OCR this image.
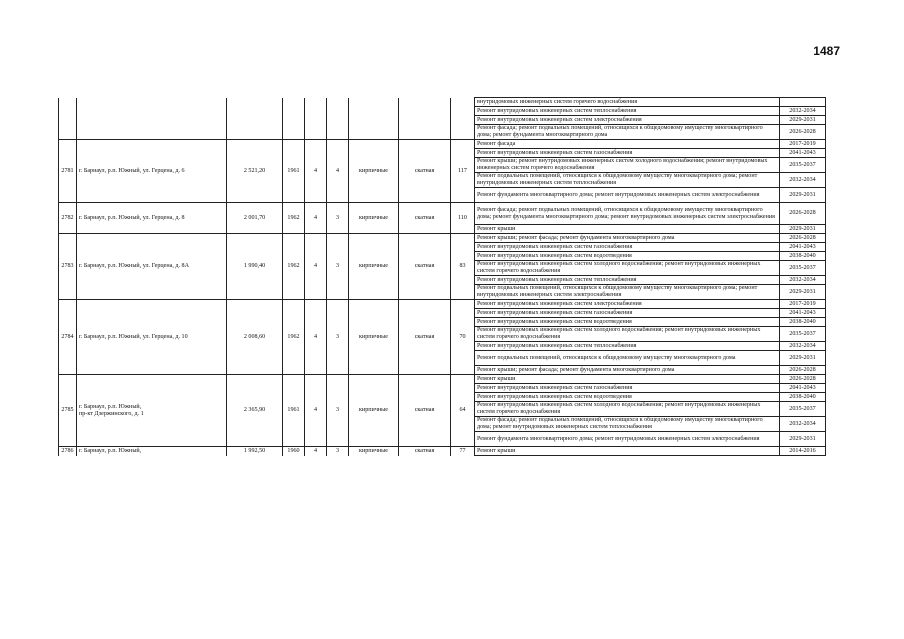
1487
									внутридомовых инженерных систем горячего водоснабжения	
									Ремонт внутридомовых инженерных систем теплоснабжения	2032-2034
									Ремонт внутридомовых инженерных систем электроснабжения	2029-2031
									Ремонт фасада; ремонт подвальных помещений, относящихся к общедомовому имуществу многоквартирного дома; ремонт фундамента многоквартирного дома	2026-2028
2781	г. Барнаул, р.п. Южный, ул. Герцена, д. 6	2 521,20	1961	4	4	кирпичные	скатная	117	Ремонт фасада	2017-2019
									Ремонт внутридомовых инженерных систем газоснабжения	2041-2043
									Ремонт крыши; ремонт внутридомовых инженерных систем холодного водоснабжения; ремонт внутридомовых инженерных систем горячего водоснабжения	2035-2037
									Ремонт подвальных помещений, относящихся к общедомовому имуществу многоквартирного дома; ремонт внутридомовых инженерных систем теплоснабжения	2032-2034
									Ремонт фундамента многоквартирного дома; ремонт внутридомовых инженерных систем электроснабжения	2029-2031
2782	г. Барнаул, р.п. Южный, ул. Герцена, д. 8	2 001,70	1962	4	3	кирпичные	скатная	110	Ремонт фасада; ремонт подвальных помещений, относящихся к общедомовому имуществу многоквартирного дома; ремонт фундамента многоквартирного дома; ремонт внутридомовых инженерных систем электроснабжения	2026-2028
									Ремонт крыши	2029-2031
2783	г. Барнаул, р.п. Южный, ул. Герцена, д. 8А	1 990,40	1962	4	3	кирпичные	скатная	83	Ремонт крыши; ремонт фасада; ремонт фундамента многоквартирного дома	2026-2028
									Ремонт внутридомовых инженерных систем газоснабжения	2041-2043
									Ремонт внутридомовых инженерных систем водоотведения	2038-2040
									Ремонт внутридомовых инженерных систем холодного водоснабжения; ремонт внутридомовых инженерных систем горячего водоснабжения	2035-2037
									Ремонт внутридомовых инженерных систем теплоснабжения	2032-2034
									Ремонт подвальных помещений, относящихся к общедомовому имуществу многоквартирного дома; ремонт внутридомовых инженерных систем электроснабжения	2029-2031
2784	г. Барнаул, р.п. Южный, ул. Герцена, д. 10	2 008,60	1962	4	3	кирпичные	скатная	70	Ремонт внутридомовых инженерных систем электроснабжения	2017-2019
									Ремонт внутридомовых инженерных систем газоснабжения	2041-2043
									Ремонт внутридомовых инженерных систем водоотведения	2038-2040
									Ремонт внутридомовых инженерных систем холодного водоснабжения; ремонт внутридомовых инженерных систем горячего водоснабжения	2035-2037
									Ремонт внутридомовых инженерных систем теплоснабжения	2032-2034
									Ремонт подвальных помещений, относящихся к общедомовому имуществу многоквартирного дома	2029-2031
									Ремонт крыши; ремонт фасада; ремонт фундамента многоквартирного дома	2026-2028
2785	г. Барнаул, р.п. Южный,
пр-кт Дзержинского, д. 1	2 365,90	1961	4	3	кирпичные	скатная	64	Ремонт крыши	2026-2028
									Ремонт внутридомовых инженерных систем газоснабжения	2041-2043
									Ремонт внутридомовых инженерных систем водоотведения	2038-2040
									Ремонт внутридомовых инженерных систем холодного водоснабжения; ремонт внутридомовых инженерных систем горячего водоснабжения	2035-2037
									Ремонт фасада; ремонт подвальных помещений, относящихся к общедомовому имуществу многоквартирного дома; ремонт внутридомовых инженерных систем теплоснабжения	2032-2034
									Ремонт фундамента многоквартирного дома; ремонт внутридомовых инженерных систем электроснабжения	2029-2031
2786	г. Барнаул, р.п. Южный,	1 992,50	1960	4	3	кирпичные	скатная	77	Ремонт крыши	2014-2016
